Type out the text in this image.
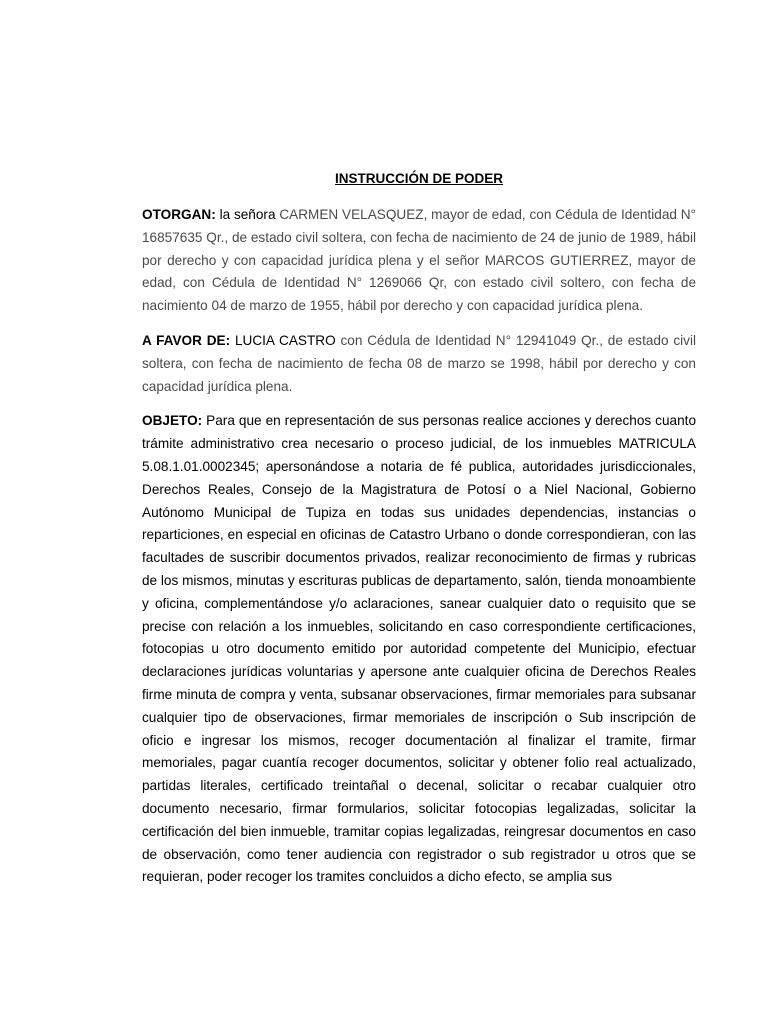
INSTRUCCIÓN DE PODER

OTORGAN: la señora CARMEN VELASQUEZ, mayor de edad, con Cédula de Identidad N° 16857635 Qr., de estado civil soltera, con fecha de nacimiento de 24 de junio de 1989, hábil por derecho y con capacidad jurídica plena y el señor MARCOS GUTIERREZ, mayor de edad, con Cédula de Identidad N° 1269066 Qr, con estado civil soltero, con fecha de nacimiento 04 de marzo de 1955, hábil por derecho y con capacidad jurídica plena.

A FAVOR DE: LUCIA CASTRO con Cédula de Identidad N° 12941049 Qr., de estado civil soltera, con fecha de nacimiento de fecha 08 de marzo se 1998, hábil por derecho y con capacidad jurídica plena.

OBJETO: Para que en representación de sus personas realice acciones y derechos cuanto trámite administrativo crea necesario o proceso judicial, de los inmuebles MATRICULA 5.08.1.01.0002345; apersonándose a notaria de fé publica, autoridades jurisdiccionales, Derechos Reales, Consejo de la Magistratura de Potosí o a Niel Nacional, Gobierno Autónomo Municipal de Tupiza en todas sus unidades dependencias, instancias o reparticiones, en especial en oficinas de Catastro Urbano o donde correspondieran, con las facultades de suscribir documentos privados, realizar reconocimiento de firmas y rubricas de los mismos, minutas y escrituras publicas de departamento, salón, tienda monoambiente y oficina, complementándose y/o aclaraciones, sanear cualquier dato o requisito que se precise con relación a los inmuebles, solicitando en caso correspondiente certificaciones, fotocopias u otro documento emitido por autoridad competente del Municipio, efectuar declaraciones jurídicas voluntarias y apersone ante cualquier oficina de Derechos Reales firme minuta de compra y venta, subsanar observaciones, firmar memoriales para subsanar cualquier tipo de observaciones, firmar memoriales de inscripción o Sub inscripción de oficio e ingresar los mismos, recoger documentación al finalizar el tramite, firmar memoriales, pagar cuantía recoger documentos, solicitar y obtener folio real actualizado, partidas literales, certificado treintañal o decenal, solicitar o recabar cualquier otro documento necesario, firmar formularios, solicitar fotocopias legalizadas, solicitar la certificación del bien inmueble, tramitar copias legalizadas, reingresar documentos en caso de observación, como tener audiencia con registrador o sub registrador u otros que se requieran, poder recoger los tramites concluidos a dicho efecto, se amplia sus
